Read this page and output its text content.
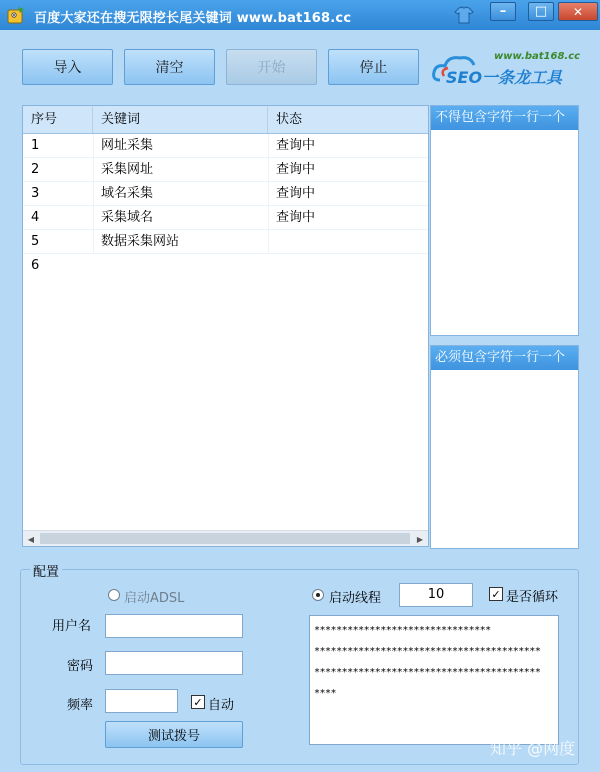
百度大家还在搜无限挖长尾关键词 www.bat168.cc	– □ ✕
导入	清空	开始	停止
www.bat168.cc
SEO一条龙工具
序号	关键词	状态
1	网址采集	查询中
2	采集网址	查询中
3	域名采集	查询中
4	采集域名	查询中
5	数据采集网站
6
◀	▶
不得包含字符一行一个
必须包含字符一行一个
配置
启动ADSL	启动线程	10	✓ 是否循环
用户名
密码
频率	✓ 自动
测试拨号
********************************
*****************************************
*****************************************
****
知乎 @网度
